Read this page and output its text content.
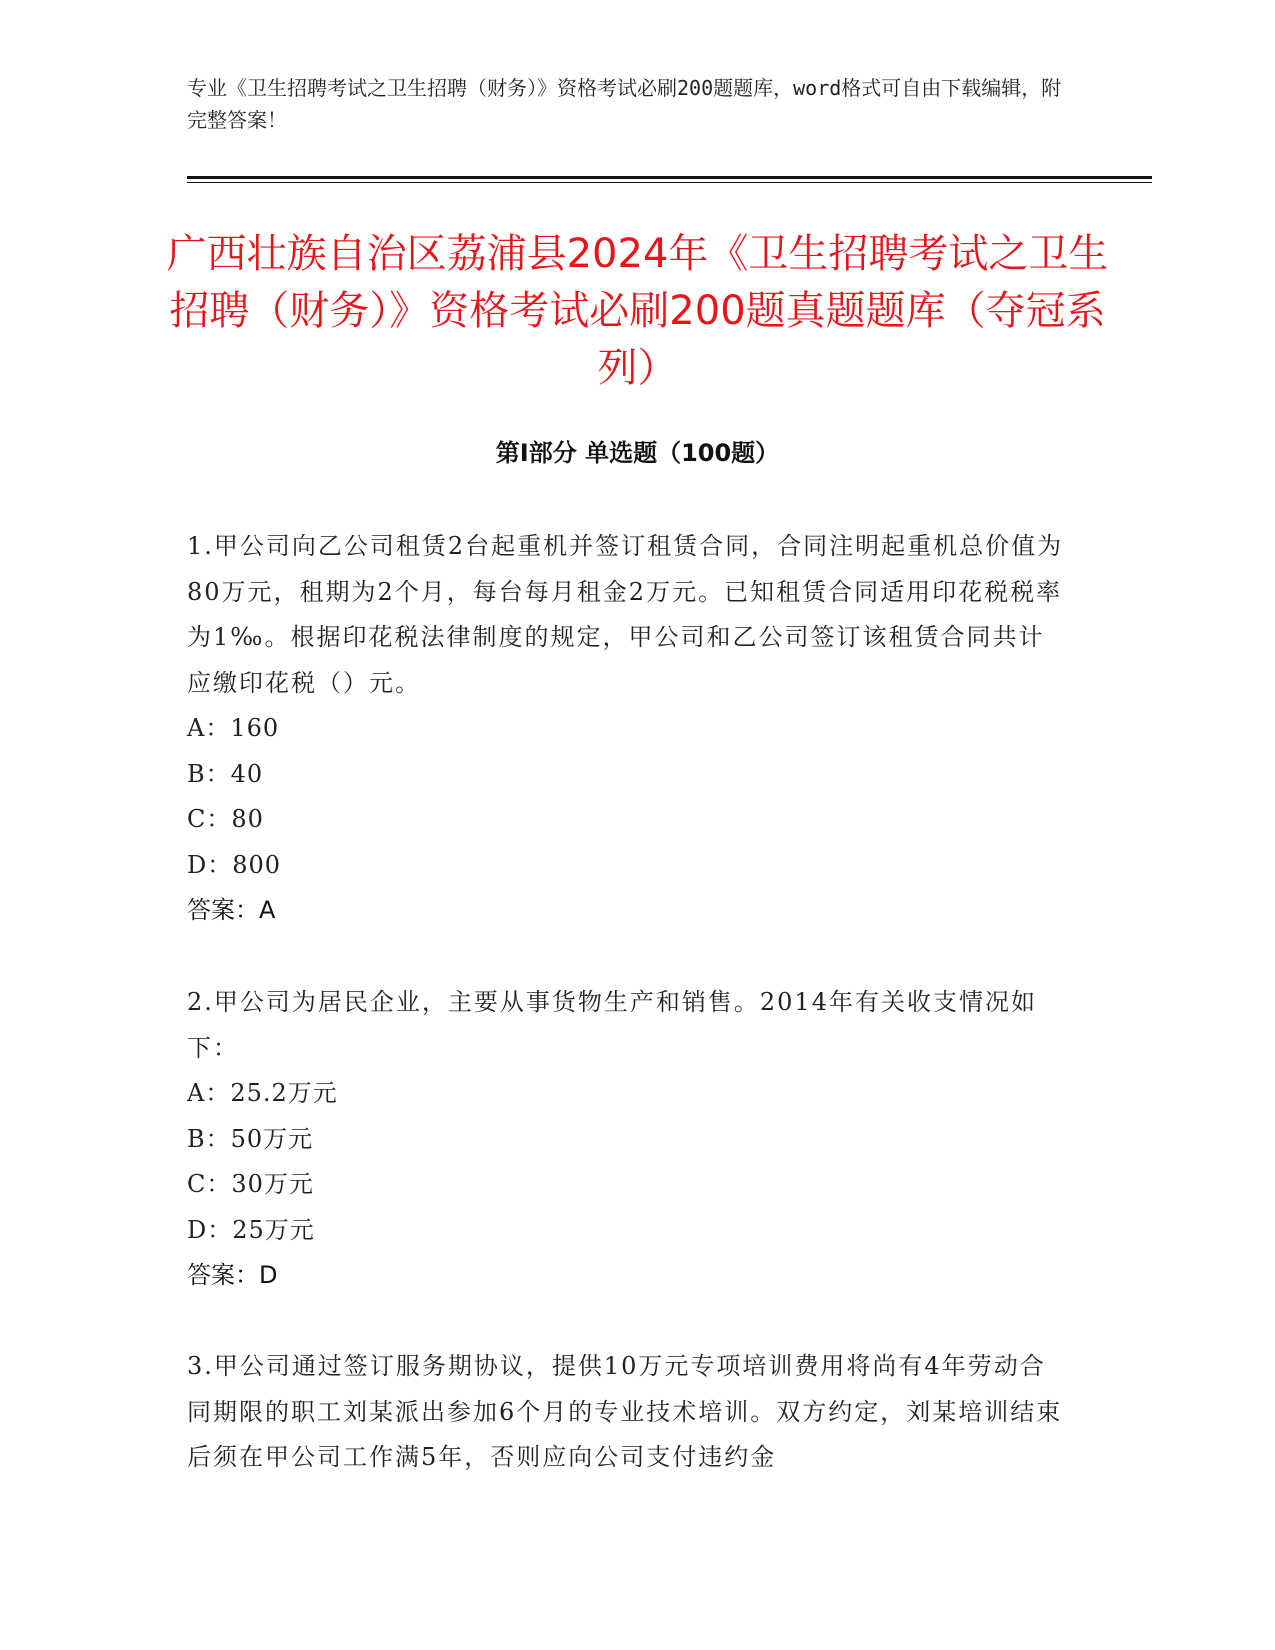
专业《卫生招聘考试之卫生招聘（财务）》资格考试必刷200题题库，word格式可自由下载编辑，附完整答案！
广西壮族自治区荔浦县2024年《卫生招聘考试之卫生招聘（财务）》资格考试必刷200题真题题库（夺冠系列）
第I部分 单选题（100题）

1.甲公司向乙公司租赁2台起重机并签订租赁合同，合同注明起重机总价值为80万元，租期为2个月，每台每月租金2万元。已知租赁合同适用印花税税率为1‰。根据印花税法律制度的规定，甲公司和乙公司签订该租赁合同共计应缴印花税（）元。

A：160

B：40

C：80

D：800

答案：A

2.甲公司为居民企业，主要从事货物生产和销售。2014年有关收支情况如下：

A：25.2万元

B：50万元

C：30万元

D：25万元

答案：D

3.甲公司通过签订服务期协议，提供10万元专项培训费用将尚有4年劳动合同期限的职工刘某派出参加6个月的专业技术培训。双方约定，刘某培训结束后须在甲公司工作满5年，否则应向公司支付违约金
